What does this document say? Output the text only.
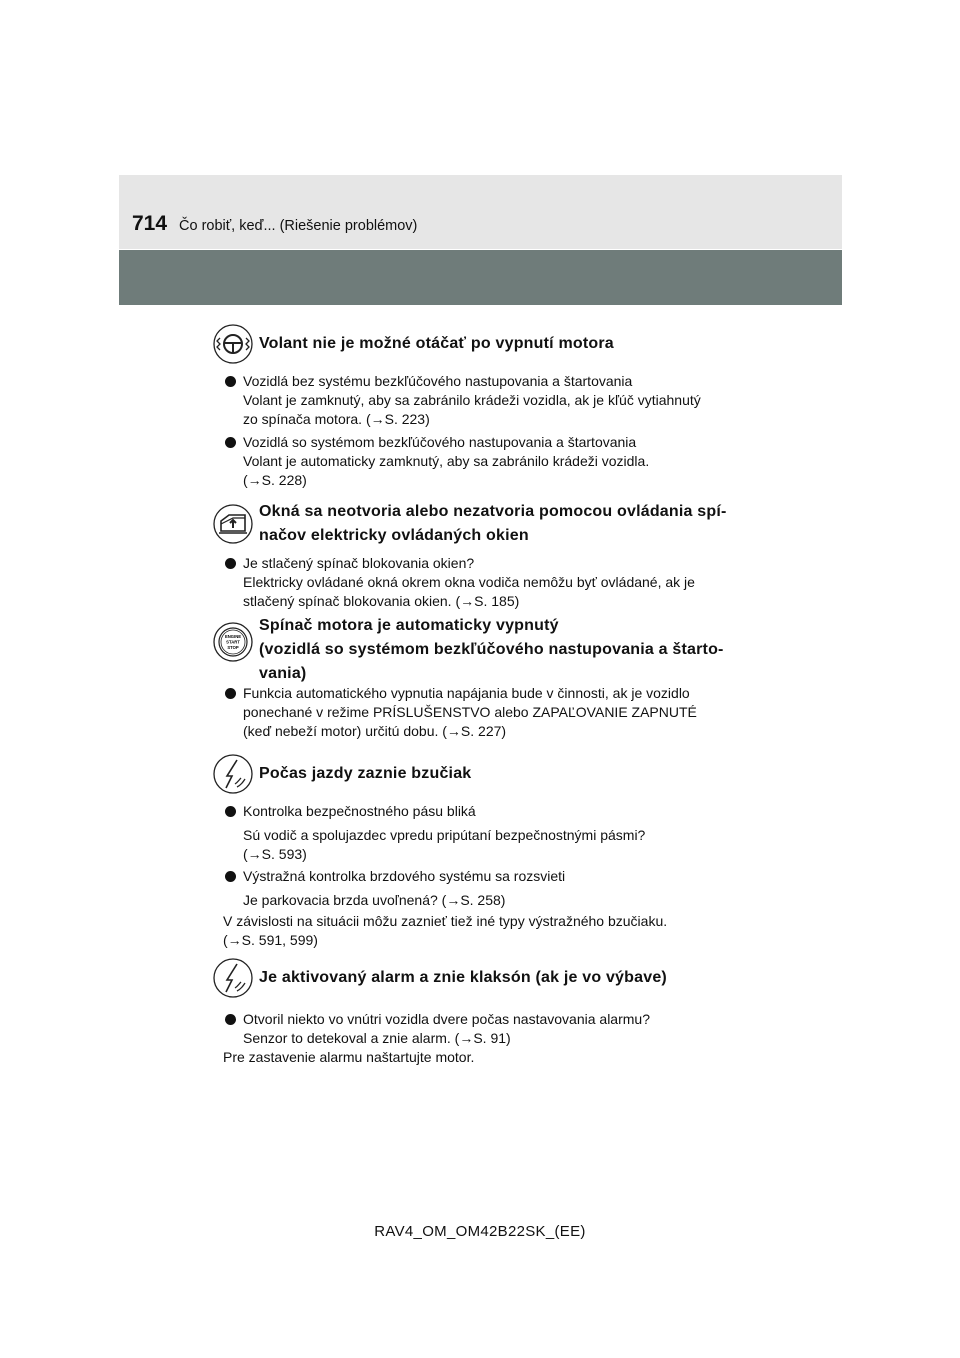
714 Čo robiť, keď... (Riešenie problémov)
Volant nie je možné otáčať po vypnutí motora
Vozidlá bez systému bezkľúčového nastupovania a štartovania
Volant je zamknutý, aby sa zabránilo krádeži vozidla, ak je kľúč vytiahnutý
zo spínača motora. (→S. 223)
Vozidlá so systémom bezkľúčového nastupovania a štartovania
Volant je automaticky zamknutý, aby sa zabránilo krádeži vozidla.
(→S. 228)
Okná sa neotvoria alebo nezatvoria pomocou ovládania spí-
načov elektricky ovládaných okien
Je stlačený spínač blokovania okien?
Elektricky ovládané okná okrem okna vodiča nemôžu byť ovládané, ak je
stlačený spínač blokovania okien. (→S. 185)
ENGINE
START
STOP
Spínač motora je automaticky vypnutý
(vozidlá so systémom bezkľúčového nastupovania a štarto-
vania)
Funkcia automatického vypnutia napájania bude v činnosti, ak je vozidlo
ponechané v režime PRÍSLUŠENSTVO alebo ZAPAĽOVANIE ZAPNUTÉ
(keď nebeží motor) určitú dobu. (→S. 227)
Počas jazdy zaznie bzučiak
Kontrolka bezpečnostného pásu bliká
Sú vodič a spolujazdec vpredu pripútaní bezpečnostnými pásmi?
(→S. 593)
Výstražná kontrolka brzdového systému sa rozsvieti
Je parkovacia brzda uvoľnená? (→S. 258)
V závislosti na situácii môžu zaznieť tiež iné typy výstražného bzučiaku.
(→S. 591, 599)
Je aktivovaný alarm a znie klaksón (ak je vo výbave)
Otvoril niekto vo vnútri vozidla dvere počas nastavovania alarmu?
Senzor to detekoval a znie alarm. (→S. 91)
Pre zastavenie alarmu naštartujte motor.
RAV4_OM_OM42B22SK_(EE)
